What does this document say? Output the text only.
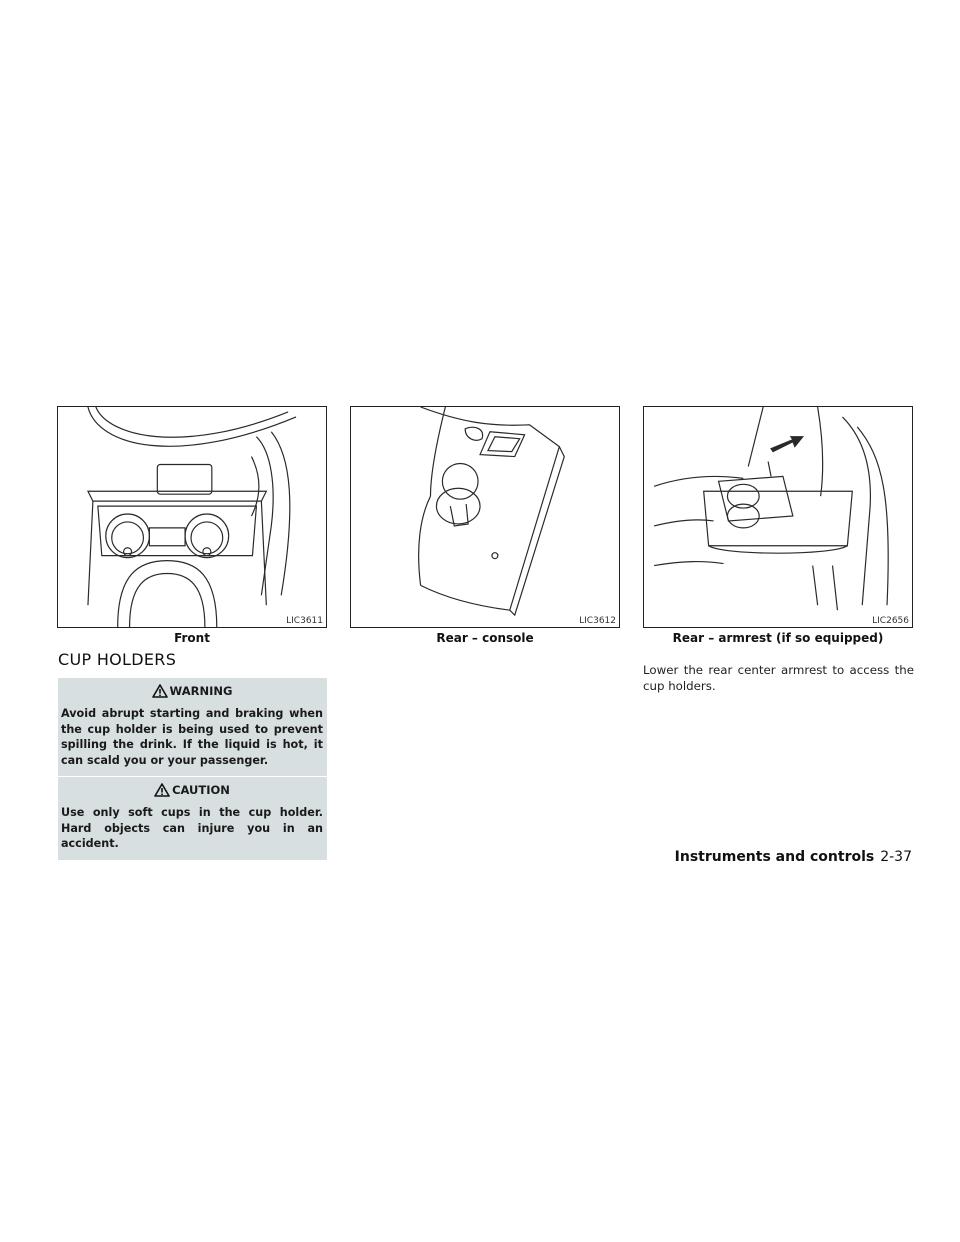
LIC3611
Front
LIC3612
Rear – console
LIC2656
Rear – armrest (if so equipped)
CUP HOLDERS
WARNING
Avoid abrupt starting and braking when the cup holder is being used to prevent spilling the drink. If the liquid is hot, it can scald you or your passenger.
CAUTION
Use only soft cups in the cup holder. Hard objects can injure you in an accident.
Lower the rear center armrest to access the cup holders.
Instruments and controls 2-37
